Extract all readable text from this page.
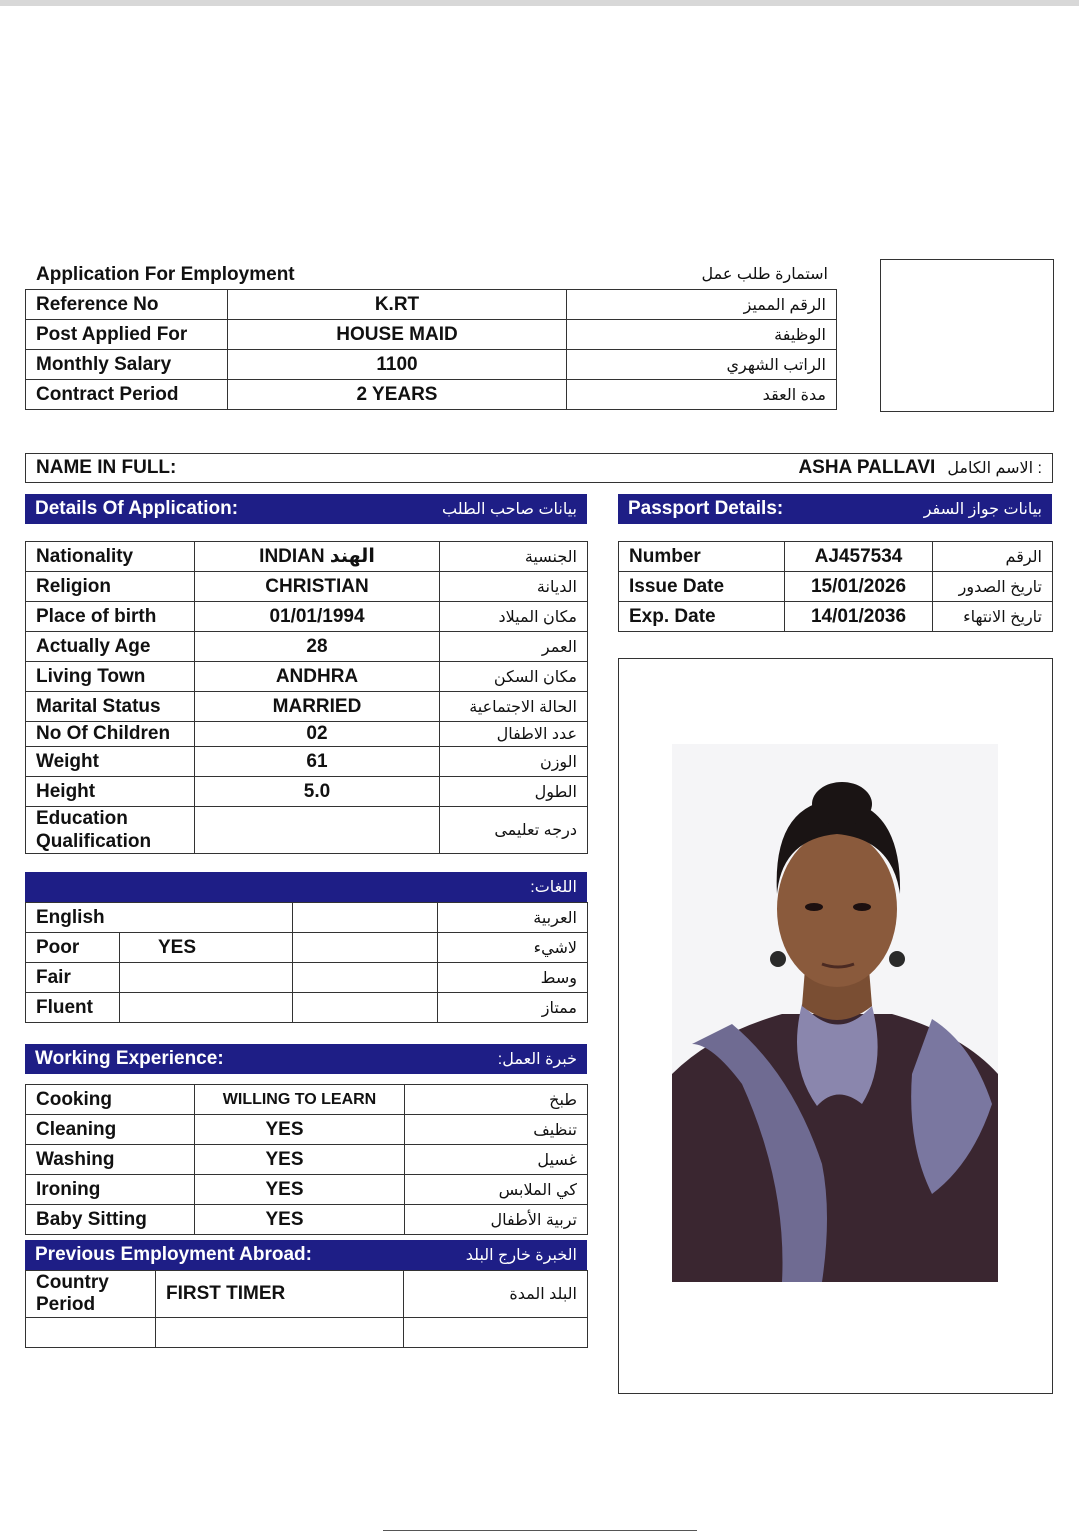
Application For Employment	استمارة طلب عمل
Reference No	K.RT	الرقم المميز
Post Applied For	HOUSE MAID	الوظيفة
Monthly Salary	1100	الراتب الشهري
Contract Period	2 YEARS	مدة العقد
NAME IN FULL:	ASHA PALLAVI : الاسم الكامل
Details Of Application:	بيانات صاحب الطلب	Passport Details:	بيانات جواز السفر
Nationality	INDIAN الهند	الجنسية
Religion	CHRISTIAN	الديانة
Place of birth	01/01/1994	مكان الميلاد
Actually Age	28	العمر
Living Town	ANDHRA	مكان السكن
Marital Status	MARRIED	الحالة الاجتماعية
No Of Children	02	عدد الاطفال
Weight	61	الوزن
Height	5.0	الطول
Education Qualification		درجه تعليمى
Number	AJ457534	الرقم
Issue Date	15/01/2026	تاريخ الصدور
Exp. Date	14/01/2036	تاريخ الانتهاء
اللغات:
English			العربية
Poor	YES		لاشيء
Fair			وسط
Fluent			ممتاز
Working Experience:	خبرة العمل:
Cooking	WILLING TO LEARN	طبخ
Cleaning	YES	تنظيف
Washing	YES	غسيل
Ironing	YES	كي الملابس
Baby Sitting	YES	تربية الأطفال
Previous Employment Abroad:	الخبرة خارج البلد
Country Period	FIRST TIMER	البلد المدة
